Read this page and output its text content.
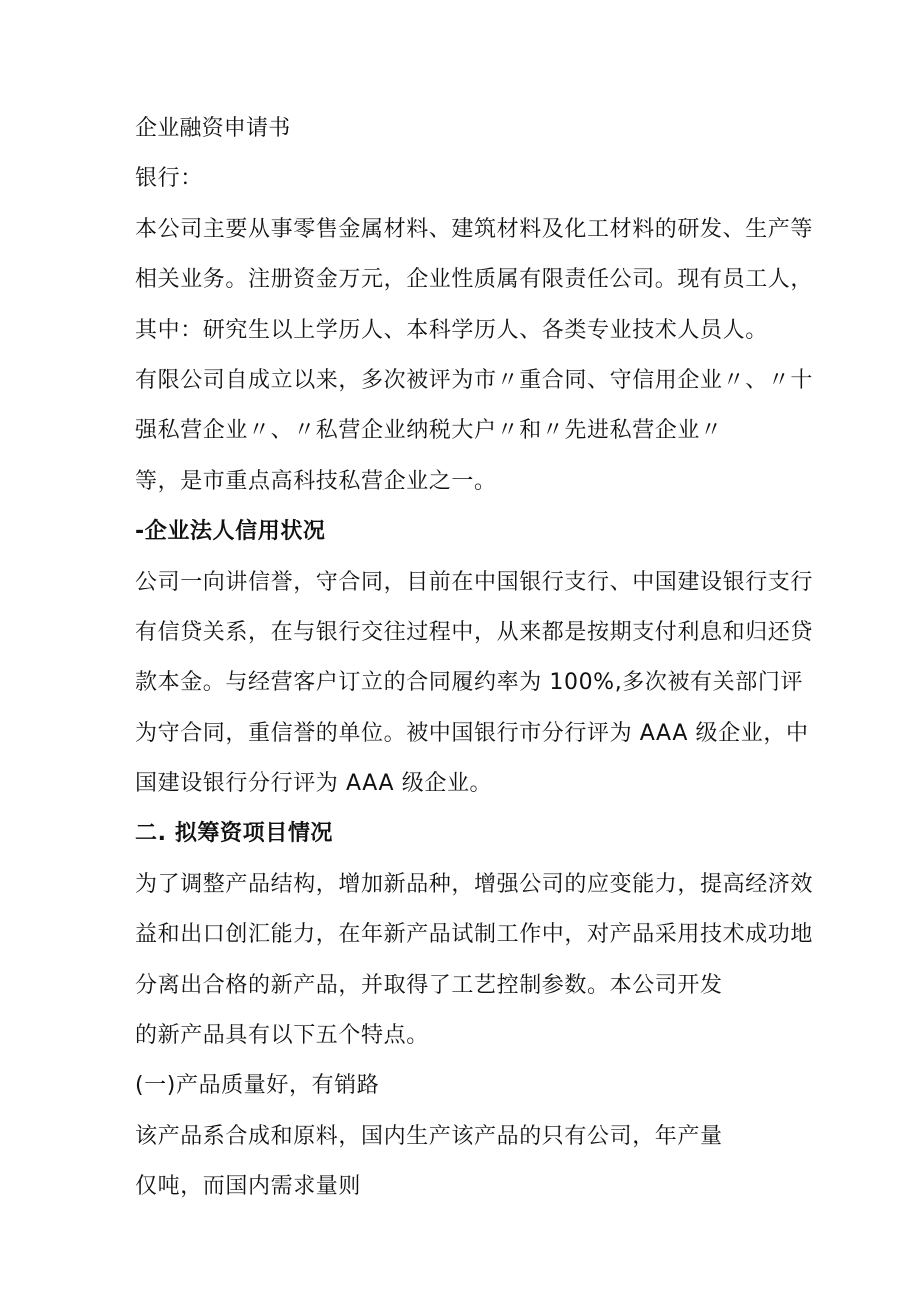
企业融资申请书
银行：
本公司主要从事零售金属材料、建筑材料及化工材料的研发、生产等
相关业务。注册资金万元，企业性质属有限责任公司。现有员工人，
其中：研究生以上学历人、本科学历人、各类专业技术人员人。
有限公司自成立以来，多次被评为市〃重合同、守信用企业〃、〃十
强私营企业〃、〃私营企业纳税大户〃和〃先进私营企业〃
等，是市重点高科技私营企业之一。
-企业法人信用状况
公司一向讲信誉，守合同，目前在中国银行支行、中国建设银行支行
有信贷关系，在与银行交往过程中，从来都是按期支付利息和归还贷
款本金。与经营客户订立的合同履约率为 100%,多次被有关部门评
为守合同，重信誉的单位。被中国银行市分行评为 AAA 级企业，中
国建设银行分行评为 AAA 级企业。
二. 拟筹资项目情况
为了调整产品结构，增加新品种，增强公司的应变能力，提高经济效
益和出口创汇能力，在年新产品试制工作中，对产品采用技术成功地
分离出合格的新产品，并取得了工艺控制参数。本公司开发
的新产品具有以下五个特点。
(一)产品质量好，有销路
该产品系合成和原料，国内生产该产品的只有公司，年产量
仅吨，而国内需求量则
